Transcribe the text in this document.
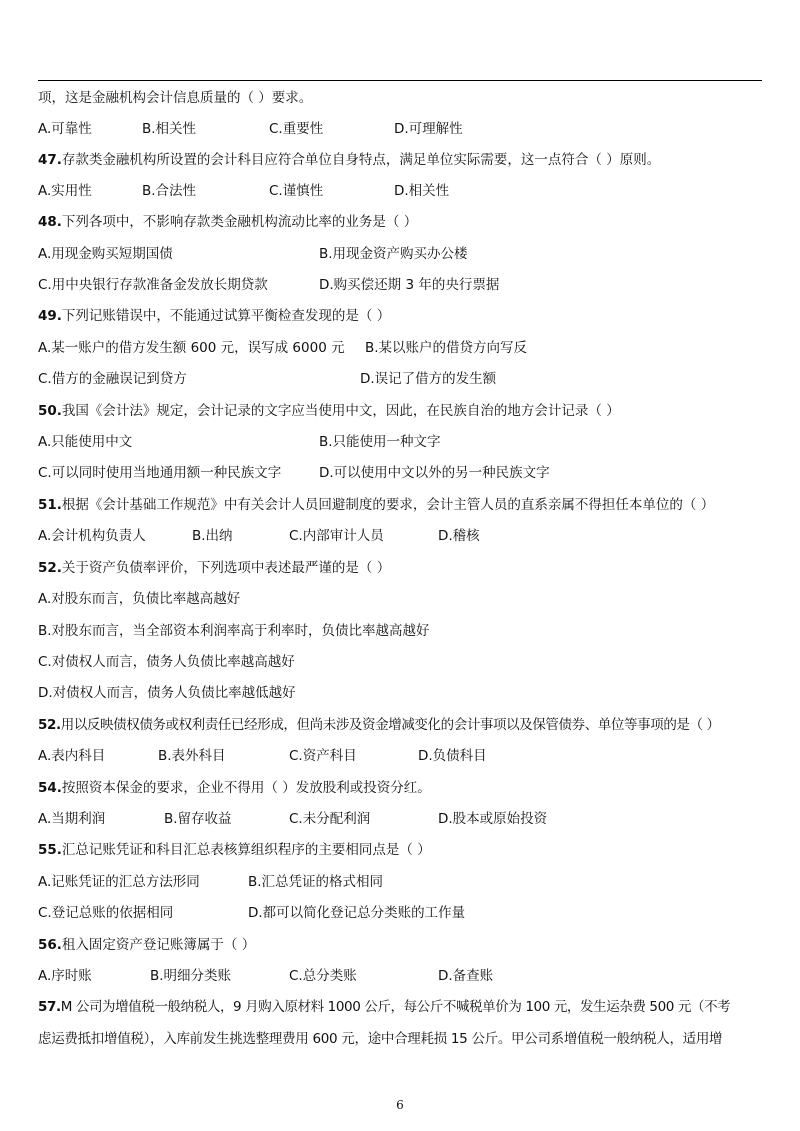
项，这是金融机构会计信息质量的（ ）要求。
A.可靠性	B.相关性	C.重要性	D.可理解性
47.存款类金融机构所设置的会计科目应符合单位自身特点，满足单位实际需要，这一点符合（ ）原则。
A.实用性	B.合法性	C.谨慎性	D.相关性
48.下列各项中，不影响存款类金融机构流动比率的业务是（ ）
A.用现金购买短期国债	B.用现金资产购买办公楼
C.用中央银行存款准备金发放长期贷款	D.购买偿还期 3 年的央行票据
49.下列记账错误中，不能通过试算平衡检查发现的是（ ）
A.某一账户的借方发生额 600 元，误写成 6000 元 B.某以账户的借贷方向写反
C.借方的金融误记到贷方	D.误记了借方的发生额
50.我国《会计法》规定，会计记录的文字应当使用中文，因此，在民族自治的地方会计记录（ ）
A.只能使用中文	B.只能使用一种文字
C.可以同时使用当地通用额一种民族文字	D.可以使用中文以外的另一种民族文字
51.根据《会计基础工作规范》中有关会计人员回避制度的要求，会计主管人员的直系亲属不得担任本单位的（ ）
A.会计机构负责人	B.出纳	C.内部审计人员	D.稽核
52.关于资产负债率评价，下列选项中表述最严谨的是（ ）
A.对股东而言，负债比率越高越好
B.对股东而言，当全部资本利润率高于利率时，负债比率越高越好
C.对债权人而言，债务人负债比率越高越好
D.对债权人而言，债务人负债比率越低越好
52.用以反映债权债务或权利责任已经形成，但尚未涉及资金增减变化的会计事项以及保管债券、单位等事项的是（ ）
A.表内科目	B.表外科目	C.资产科目	D.负债科目
54.按照资本保金的要求，企业不得用（ ）发放股利或投资分红。
A.当期利润	B.留存收益	C.未分配利润	D.股本或原始投资
55.汇总记账凭证和科目汇总表核算组织程序的主要相同点是（ ）
A.记账凭证的汇总方法形同	B.汇总凭证的格式相同
C.登记总账的依据相同	D.都可以简化登记总分类账的工作量
56.租入固定资产登记账簿属于（ ）
A.序时账	B.明细分类账	C.总分类账	D.备查账
57.M 公司为增值税一般纳税人，9 月购入原材料 1000 公斤，每公斤不喊税单价为 100 元，发生运杂费 500 元（不考
虑运费抵扣增值税），入库前发生挑选整理费用 600 元，途中合理耗损 15 公斤。甲公司系增值税一般纳税人，适用增
6
